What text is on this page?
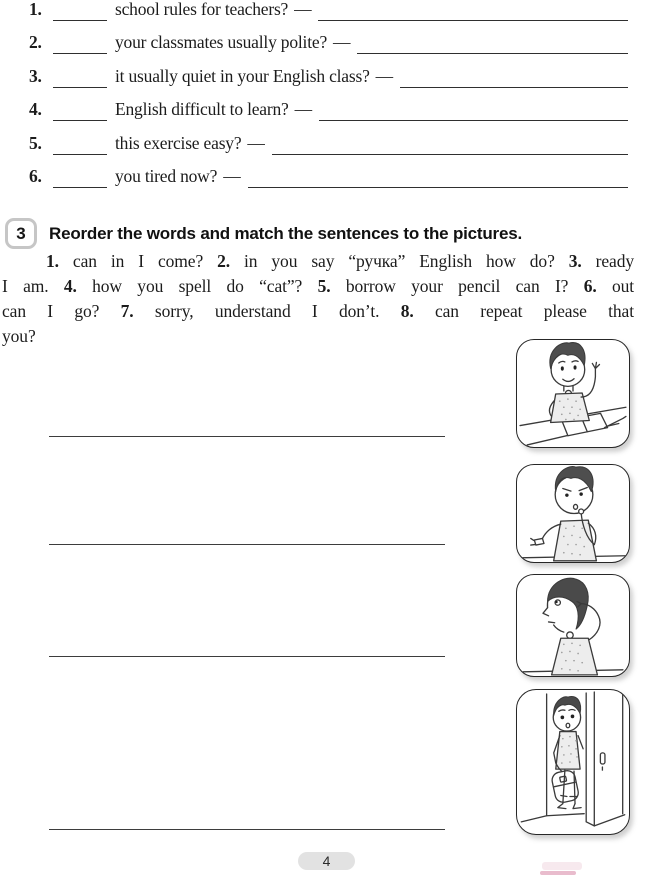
1.	school rules for teachers? —
2.	your classmates usually polite? —
3.	it usually quiet in your English class? —
4.	English difficult to learn? —
5.	this exercise easy? —
6.	you tired now? —
3	Reorder the words and match the sentences to the pictures.
1. can in I come? 2. in you say “ручка” English how do? 3. ready
I am. 4. how you spell do “cat”? 5. borrow your pencil can I? 6. out
can I go? 7. sorry, understand I don’t. 8. can repeat please that
you?
4
